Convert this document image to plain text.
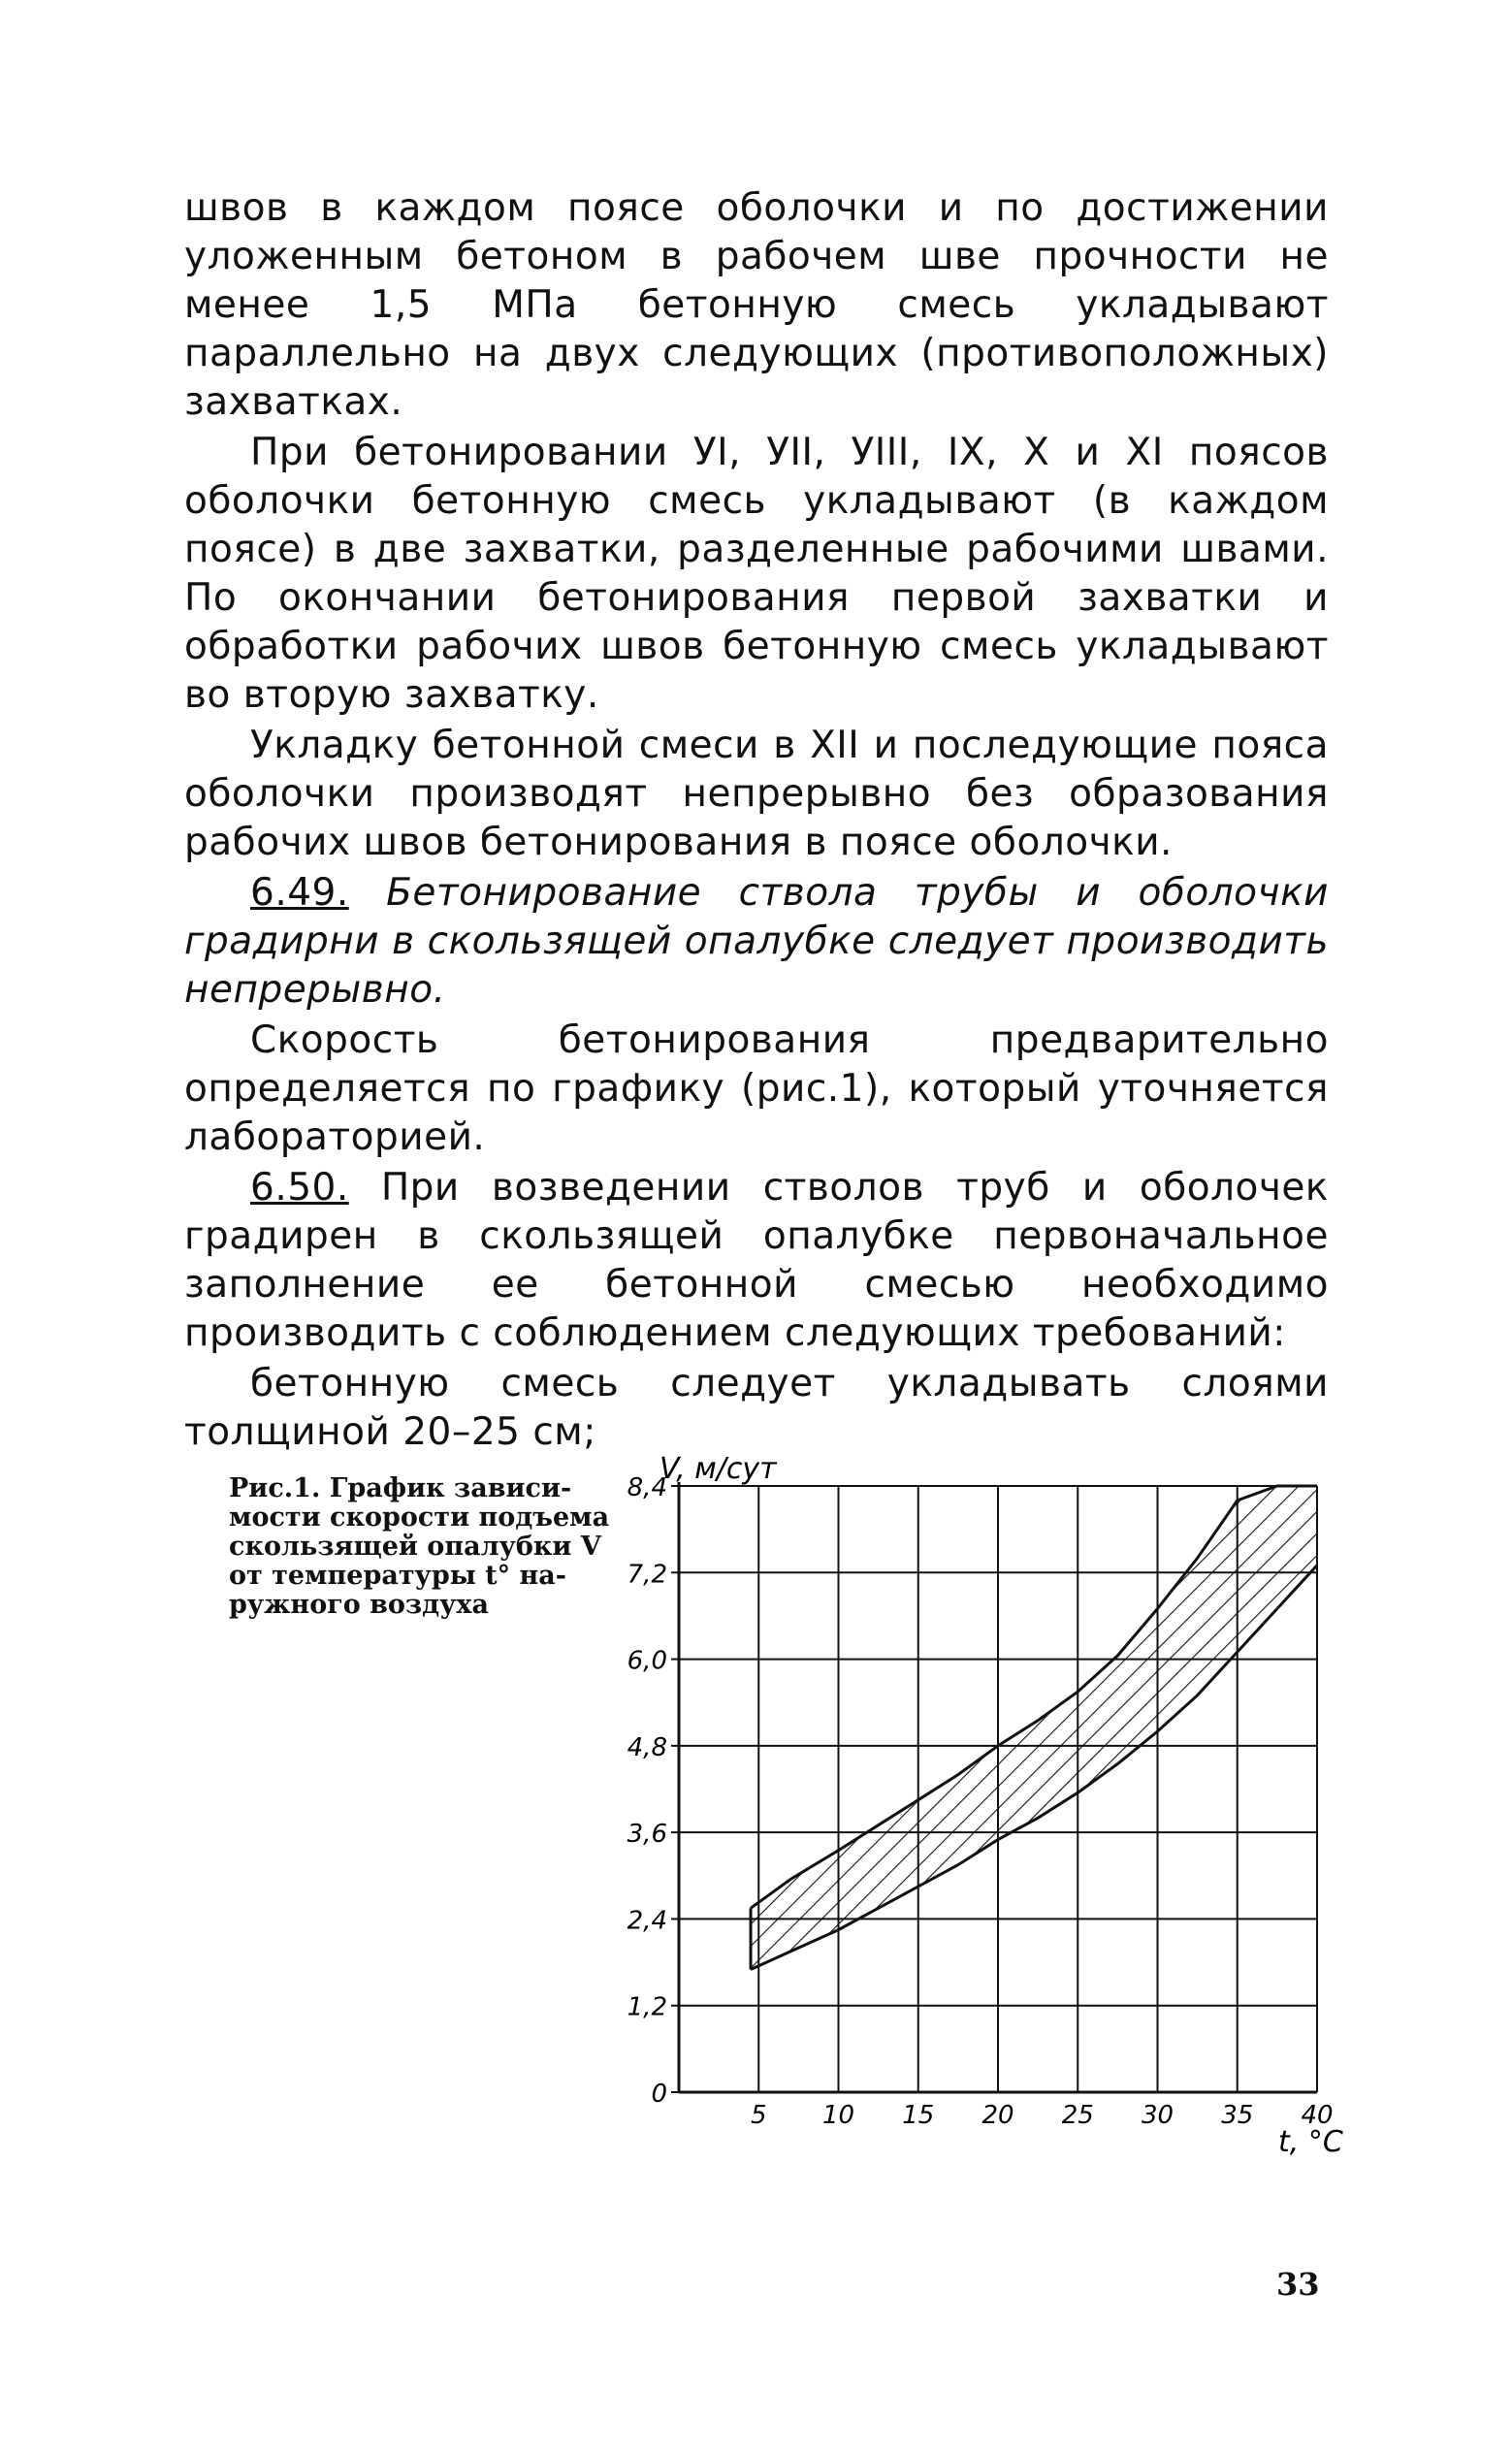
швов в каждом поясе оболочки и по достижении уложенным бетоном в рабочем шве прочности не менее 1,5 МПа бетонную смесь укладывают параллельно на двух следующих (противоположных) захватках.

При бетонировании УI, УII, УIII, IX, X и XI поясов оболочки бетонную смесь укладывают (в каждом поясе) в две захватки, разделенные рабочими швами. По окончании бетонирования первой захватки и обработки рабочих швов бетонную смесь укладывают во вторую захватку.

Укладку бетонной смеси в XII и последующие пояса оболочки производят непрерывно без образования рабочих швов бетонирования в поясе оболочки.

6.49. Бетонирование ствола трубы и оболочки градирни в скользящей опалубке следует производить непрерывно.

Скорость бетонирования предварительно определяется по графику (рис.1), который уточняется лабораторией.

6.50. При возведении стволов труб и оболочек градирен в скользящей опалубке первоначальное заполнение ее бетонной смесью необходимо производить с соблюдением следующих требований:

бетонную смесь следует укладывать слоями толщиной 20–25 см;

0
1,2
2,4
3,6
4,8
6,0
7,2
8,4
5 10 15 20 25 30 35 40
V, м/сут
t, °C
Рис.1. График зависи-
мости скорости подъема
скользящей опалубки V
от температуры t° на-
ружного воздуха
33
